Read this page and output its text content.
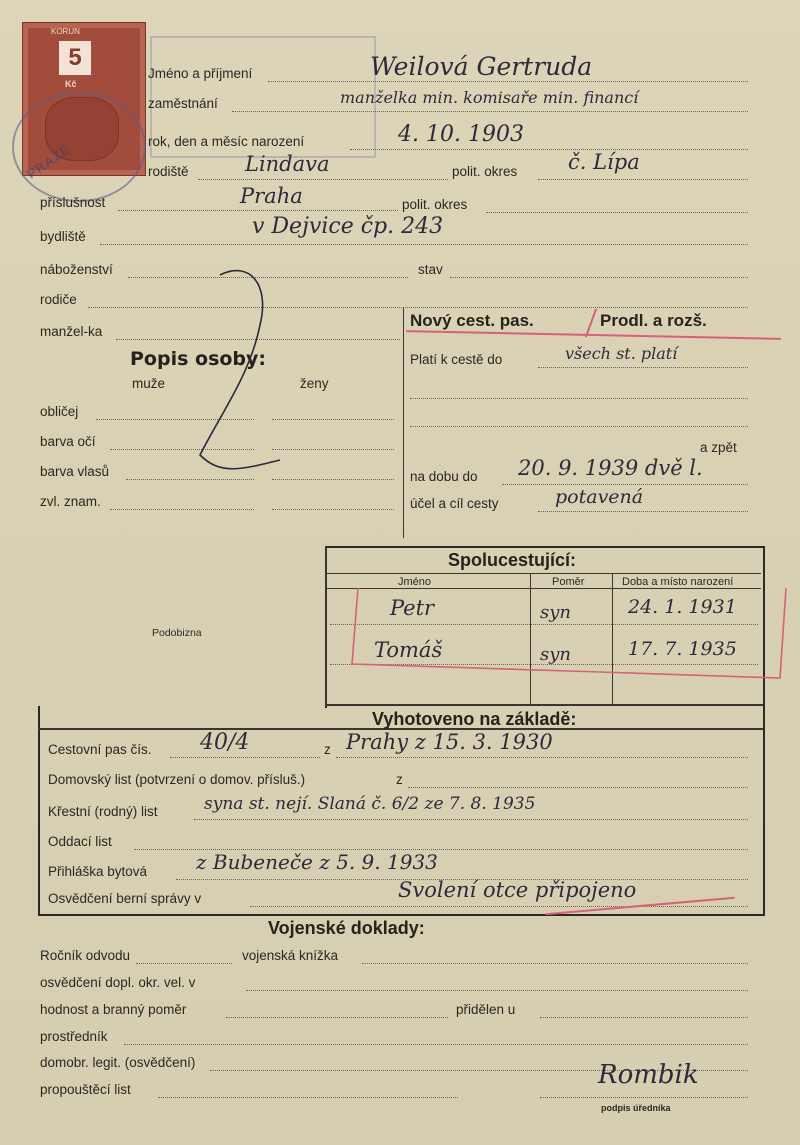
KORUN
5
Kč
PRAZE
Jméno a příjmení	Weilová Gertruda
zaměstnání	manželka min. komisaře min. financí
rok, den a měsíc narození	4. 10. 1903
rodiště	Lindava	polit. okres č. Lípa
příslušnost	Praha	polit. okres
bydliště	v Dejvice čp. 243
náboženství	stav
rodiče
manžel-ka
Nový cest. pas.	Prodl. a rozš.
Platí k cestě do	všech st. platí
a zpět
na dobu do 20. 9. 1939 dvě l.
účel a cíl cesty	potavená
Popis osoby:
muže	ženy
obličej
barva očí
barva vlasů
zvl. znam.
Podobizna
Spolucestující:
Jméno	Poměr	Doba a místo narození
Petr	syn	24. 1. 1931
Tomáš	syn	17. 7. 1935
Vyhotoveno na základě:
Cestovní pas čís. 40/4	z Prahy z 15. 3. 1930
Domovský list (potvrzení o domov. přísluš.)	z
Křestní (rodný) list	syna st. nejí. Slaná č. 6/2 ze 7. 8. 1935
Oddací list
Přihláška bytová z Bubeneče z 5. 9. 1933
Osvědčení berní správy v	Svolení otce připojeno
Vojenské doklady:
Ročník odvodu	vojenská knížka
osvědčení dopl. okr. vel. v
hodnost a branný poměr	přidělen u
prostředník
domobr. legit. (osvědčení)
propouštěcí list	Rombik
podpis úředníka
